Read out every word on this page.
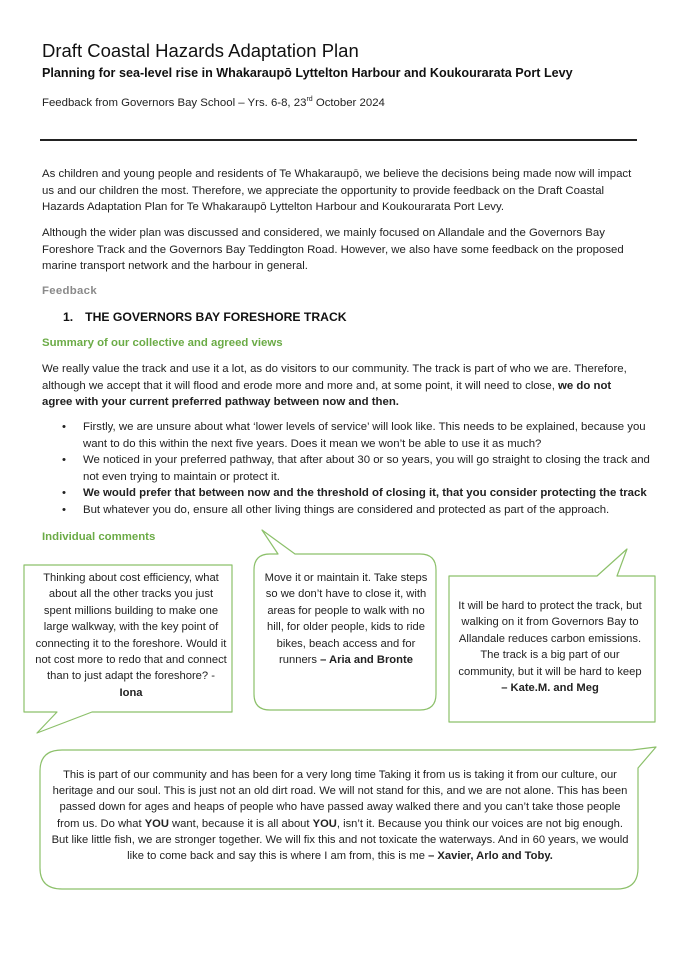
Draft Coastal Hazards Adaptation Plan
Planning for sea-level rise in Whakaraupō Lyttelton Harbour and Koukourarata Port Levy
Feedback from Governors Bay School – Yrs. 6-8, 23rd October 2024
As children and young people and residents of Te Whakaraupō, we believe the decisions being made now will impact us and our children the most. Therefore, we appreciate the opportunity to provide feedback on the Draft Coastal Hazards Adaptation Plan for Te Whakaraupō Lyttelton Harbour and Koukourarata Port Levy.
Although the wider plan was discussed and considered, we mainly focused on Allandale and the Governors Bay Foreshore Track and the Governors Bay Teddington Road. However, we also have some feedback on the proposed marine transport network and the harbour in general.
Feedback
1. THE GOVERNORS BAY FORESHORE TRACK
Summary of our collective and agreed views
We really value the track and use it a lot, as do visitors to our community. The track is part of who we are. Therefore, although we accept that it will flood and erode more and more and, at some point, it will need to close, we do not agree with your current preferred pathway between now and then.
• Firstly, we are unsure about what ‘lower levels of service’ will look like. This needs to be explained, because you want to do this within the next five years. Does it mean we won’t be able to use it as much?
• We noticed in your preferred pathway, that after about 30 or so years, you will go straight to closing the track and not even trying to maintain or protect it.
• We would prefer that between now and the threshold of closing it, that you consider protecting the track
• But whatever you do, ensure all other living things are considered and protected as part of the approach.
Individual comments
Thinking about cost efficiency, what about all the other tracks you just spent millions building to make one large walkway, with the key point of connecting it to the foreshore. Would it not cost more to redo that and connect than to just adapt the foreshore? - Iona
Move it or maintain it. Take steps so we don’t have to close it, with areas for people to walk with no hill, for older people, kids to ride bikes, beach access and for runners – Aria and Bronte
It will be hard to protect the track, but walking on it from Governors Bay to Allandale reduces carbon emissions. The track is a big part of our community, but it will be hard to keep – Kate.M. and Meg
This is part of our community and has been for a very long time Taking it from us is taking it from our culture, our heritage and our soul. This is just not an old dirt road. We will not stand for this, and we are not alone. This has been passed down for ages and heaps of people who have passed away walked there and you can’t take those people from us. Do what YOU want, because it is all about YOU, isn’t it. Because you think our voices are not big enough. But like little fish, we are stronger together. We will fix this and not toxicate the waterways. And in 60 years, we would like to come back and say this is where I am from, this is me – Xavier, Arlo and Toby.
